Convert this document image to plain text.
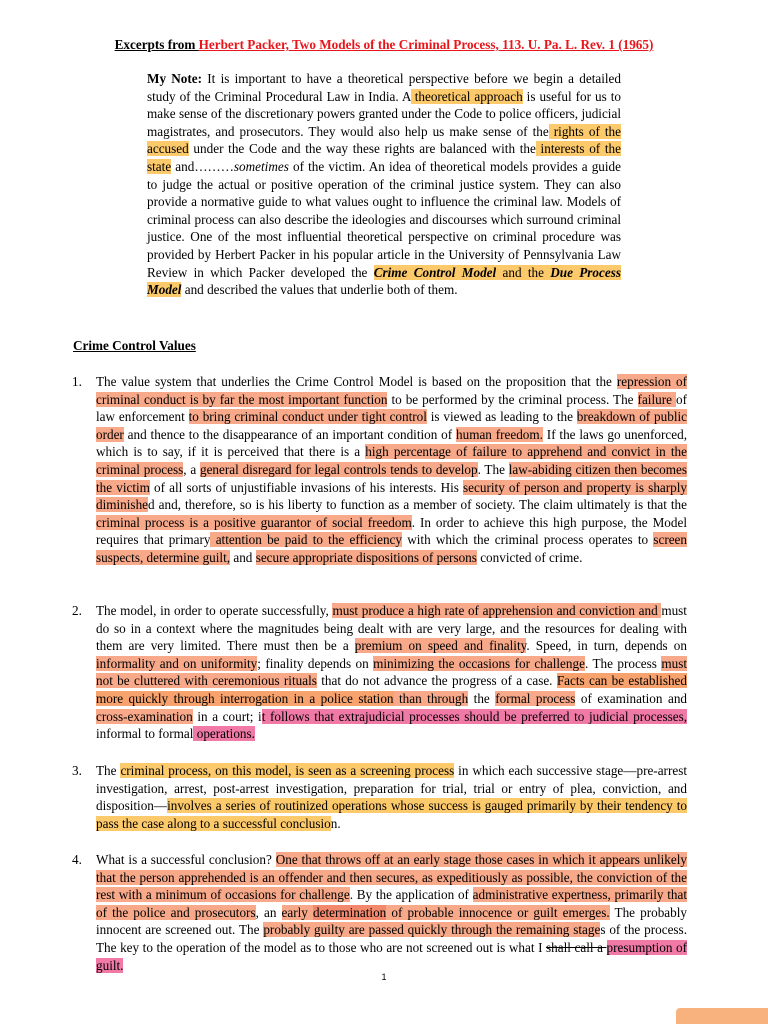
Excerpts from Herbert Packer, Two Models of the Criminal Process, 113. U. Pa. L. Rev. 1 (1965)
My Note: It is important to have a theoretical perspective before we begin a detailed study of the Criminal Procedural Law in India. A theoretical approach is useful for us to make sense of the discretionary powers granted under the Code to police officers, judicial magistrates, and prosecutors. They would also help us make sense of the rights of the accused under the Code and the way these rights are balanced with the interests of the state and………sometimes of the victim. An idea of theoretical models provides a guide to judge the actual or positive operation of the criminal justice system. They can also provide a normative guide to what values ought to influence the criminal law. Models of criminal process can also describe the ideologies and discourses which surround criminal justice. One of the most influential theoretical perspective on criminal procedure was provided by Herbert Packer in his popular article in the University of Pennsylvania Law Review in which Packer developed the Crime Control Model and the Due Process Model and described the values that underlie both of them.
Crime Control Values
1. The value system that underlies the Crime Control Model is based on the proposition that the repression of criminal conduct is by far the most important function to be performed by the criminal process. The failure of law enforcement to bring criminal conduct under tight control is viewed as leading to the breakdown of public order and thence to the disappearance of an important condition of human freedom. If the laws go unenforced, which is to say, if it is perceived that there is a high percentage of failure to apprehend and convict in the criminal process, a general disregard for legal controls tends to develop. The law-abiding citizen then becomes the victim of all sorts of unjustifiable invasions of his interests. His security of person and property is sharply diminished and, therefore, so is his liberty to function as a member of society. The claim ultimately is that the criminal process is a positive guarantor of social freedom. In order to achieve this high purpose, the Model requires that primary attention be paid to the efficiency with which the criminal process operates to screen suspects, determine guilt, and secure appropriate dispositions of persons convicted of crime.
2. The model, in order to operate successfully, must produce a high rate of apprehension and conviction and must do so in a context where the magnitudes being dealt with are very large, and the resources for dealing with them are very limited. There must then be a premium on speed and finality. Speed, in turn, depends on informality and on uniformity; finality depends on minimizing the occasions for challenge. The process must not be cluttered with ceremonious rituals that do not advance the progress of a case. Facts can be established more quickly through interrogation in a police station than through the formal process of examination and cross-examination in a court; it follows that extrajudicial processes should be preferred to judicial processes, informal to formal operations.
3. The criminal process, on this model, is seen as a screening process in which each successive stage—pre-arrest investigation, arrest, post-arrest investigation, preparation for trial, trial or entry of plea, conviction, and disposition—involves a series of routinized operations whose success is gauged primarily by their tendency to pass the case along to a successful conclusion.
4. What is a successful conclusion? One that throws off at an early stage those cases in which it appears unlikely that the person apprehended is an offender and then secures, as expeditiously as possible, the conviction of the rest with a minimum of occasions for challenge. By the application of administrative expertness, primarily that of the police and prosecutors, an early determination of probable innocence or guilt emerges. The probably innocent are screened out. The probably guilty are passed quickly through the remaining stages of the process. The key to the operation of the model as to those who are not screened out is what I shall call a presumption of guilt.
1
